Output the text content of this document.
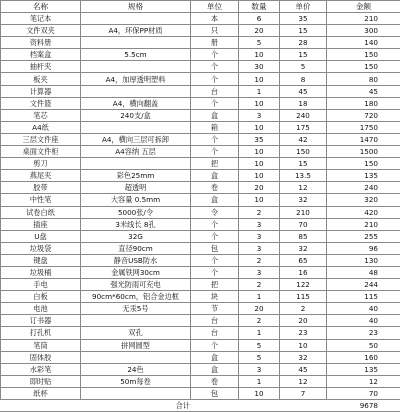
名称	规格	单位	数量	单价	金额
笔记本		本	6	35	210
文件双夹	A4，环保PP材质	只	20	15	300
资料册		册	5	28	140
档案盒	5.5cm	个	10	15	150
抽杆夹		个	30	5	150
板夹	A4，加厚透明塑料	个	10	8	80
计算器		台	1	45	45
文件篮	A4，横向翻盖	个	10	18	180
笔芯	240支/盒	盒	3	240	720
A4纸		箱	10	175	1750
三层文件座	A4，横向三层可拆卸	个	35	42	1470
桌面文件柜	A4容纳 五层	个	10	150	1500
剪刀		把	10	15	150
燕尾夹	彩色25mm	盒	10	13.5	135
胶带	超透明	卷	20	12	240
中性笔	大容量 0.5mm	盒	10	32	320
试卷白纸	5000张/令	令	2	210	420
插座	3米线长 8孔	个	3	70	210
U盘	32G	个	3	85	255
垃圾袋	直径90cm	包	3	32	96
键盘	静音USB防水	个	2	65	130
垃圾桶	金属铁网30cm	个	3	16	48
手电	强光防雨可充电	把	2	122	244
白板	90cm*60cm，铝合金边框	块	1	115	115
电池	无汞5号	节	20	2	40
订书器		台	2	20	40
打孔机	双孔	台	1	23	23
笔筒	拼网圆型	个	5	10	50
固体胶		盒	5	32	160
水彩笔	24色	盒	3	45	135
即时贴	50m每卷	卷	1	12	12
纸杯		包	10	7	70
	合计				9678
